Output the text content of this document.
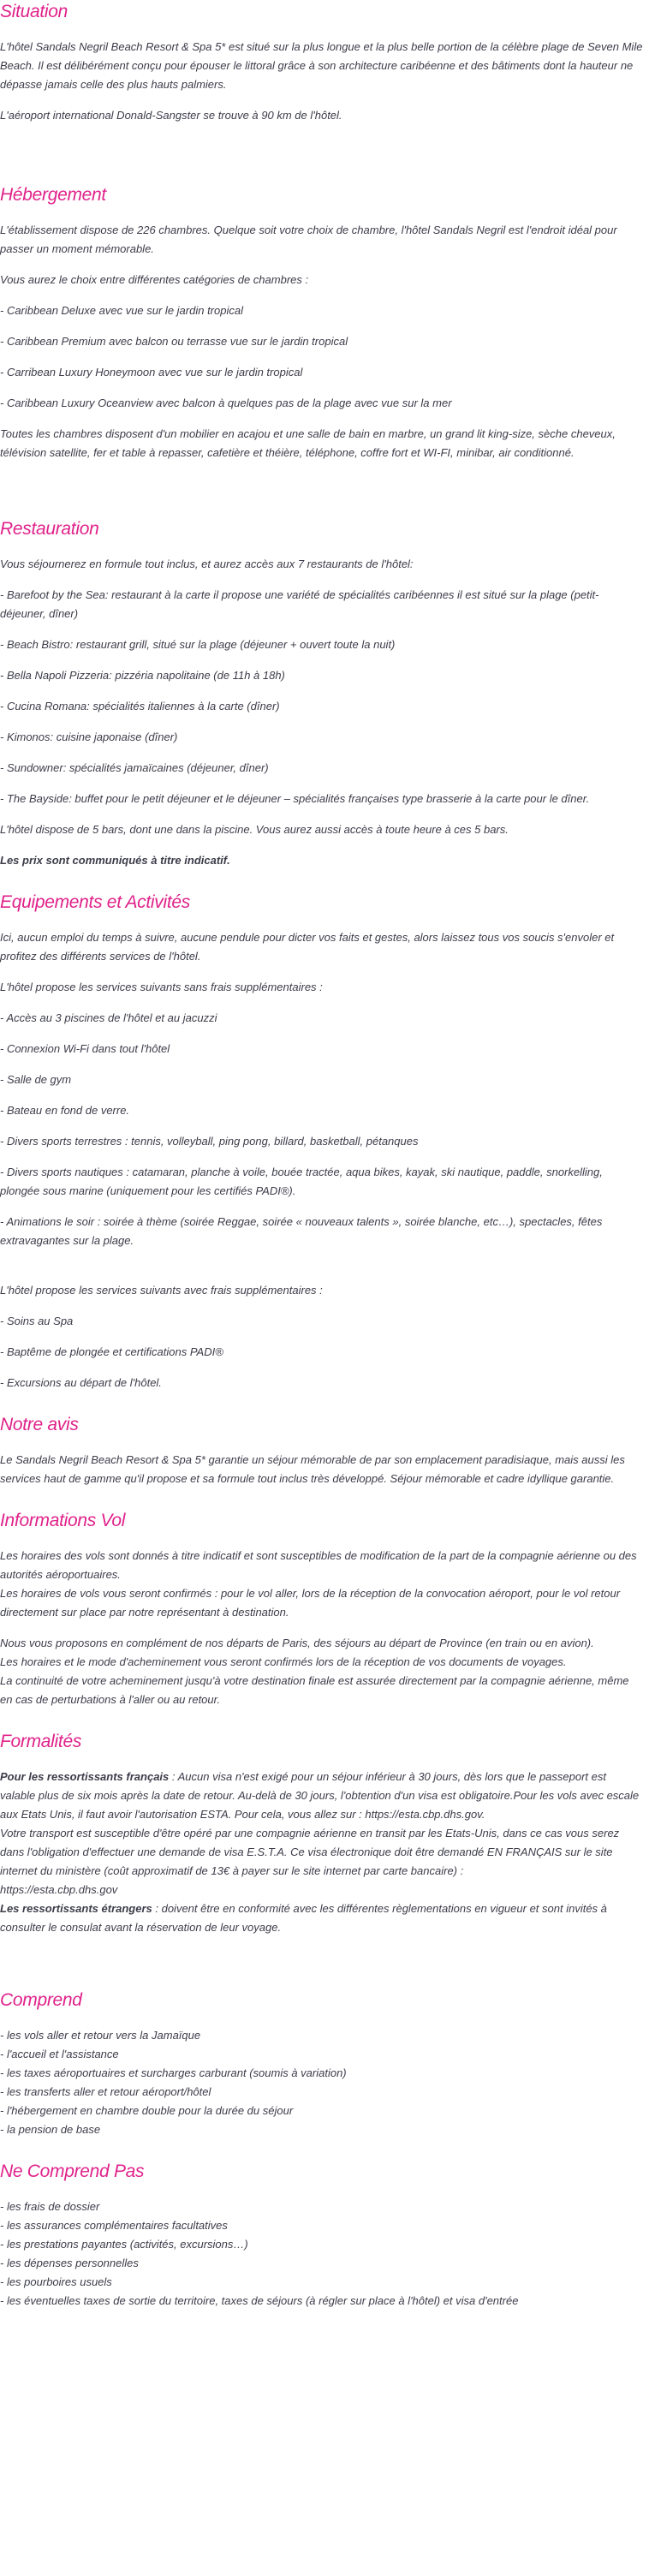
Situation

L'hôtel Sandals Negril Beach Resort & Spa 5* est situé sur la plus longue et la plus belle portion de la célèbre plage de Seven Mile Beach. Il est délibérément conçu pour épouser le littoral grâce à son architecture caribéenne et des bâtiments dont la hauteur ne dépasse jamais celle des plus hauts palmiers.

L'aéroport international Donald-Sangster se trouve à 90 km de l'hôtel.

Hébergement

L'établissement dispose de 226 chambres. Quelque soit votre choix de chambre, l'hôtel Sandals Negril est l'endroit idéal pour passer un moment mémorable.

Vous aurez le choix entre différentes catégories de chambres :

- Caribbean Deluxe avec vue sur le jardin tropical

- Caribbean Premium avec balcon ou terrasse vue sur le jardin tropical

- Carribean Luxury Honeymoon avec vue sur le jardin tropical

- Caribbean Luxury Oceanview avec balcon à quelques pas de la plage avec vue sur la mer

Toutes les chambres disposent d'un mobilier en acajou et une salle de bain en marbre, un grand lit king-size, sèche cheveux, télévision satellite, fer et table à repasser, cafetière et théière, téléphone, coffre fort et WI-FI, minibar, air conditionné.

Restauration

Vous séjournerez en formule tout inclus, et aurez accès aux 7 restaurants de l'hôtel:

- Barefoot by the Sea: restaurant à la carte il propose une variété de spécialités caribéennes il est situé sur la plage (petit-déjeuner, dîner)

- Beach Bistro: restaurant grill, situé sur la plage (déjeuner + ouvert toute la nuit)

- Bella Napoli Pizzeria: pizzéria napolitaine (de 11h à 18h)

- Cucina Romana: spécialités italiennes à la carte (dîner)

- Kimonos: cuisine japonaise (dîner)

- Sundowner: spécialités jamaïcaines (déjeuner, dîner)

- The Bayside: buffet pour le petit déjeuner et le déjeuner – spécialités françaises type brasserie à la carte pour le dîner.

L'hôtel dispose de 5 bars, dont une dans la piscine. Vous aurez aussi accès à toute heure à ces 5 bars.

Les prix sont communiqués à titre indicatif.

Equipements et Activités

Ici, aucun emploi du temps à suivre, aucune pendule pour dicter vos faits et gestes, alors laissez tous vos soucis s'envoler et profitez des différents services de l'hôtel.

L'hôtel propose les services suivants sans frais supplémentaires :

- Accès au 3 piscines de l'hôtel et au jacuzzi

- Connexion Wi-Fi dans tout l'hôtel

- Salle de gym

- Bateau en fond de verre.

- Divers sports terrestres : tennis, volleyball, ping pong, billard, basketball, pétanques

- Divers sports nautiques : catamaran, planche à voile, bouée tractée, aqua bikes, kayak, ski nautique, paddle, snorkelling, plongée sous marine (uniquement pour les certifiés PADI®).

- Animations le soir : soirée à thème (soirée Reggae, soirée « nouveaux talents », soirée blanche, etc…), spectacles, fêtes extravagantes sur la plage.

L'hôtel propose les services suivants avec frais supplémentaires :

- Soins au Spa

- Baptême de plongée et certifications PADI®

- Excursions au départ de l'hôtel.

Notre avis

Le Sandals Negril Beach Resort & Spa 5* garantie un séjour mémorable de par son emplacement paradisiaque, mais aussi les services haut de gamme qu'il propose et sa formule tout inclus très développé. Séjour mémorable et cadre idyllique garantie.

Informations Vol

Les horaires des vols sont donnés à titre indicatif et sont susceptibles de modification de la part de la compagnie aérienne ou des autorités aéroportuaires.

Les horaires de vols vous seront confirmés : pour le vol aller, lors de la réception de la convocation aéroport, pour le vol retour directement sur place par notre représentant à destination.

Nous vous proposons en complément de nos départs de Paris, des séjours au départ de Province (en train ou en avion).

Les horaires et le mode d'acheminement vous seront confirmés lors de la réception de vos documents de voyages.

La continuité de votre acheminement jusqu'à votre destination finale est assurée directement par la compagnie aérienne, même en cas de perturbations à l'aller ou au retour.

Formalités

Pour les ressortissants français : Aucun visa n'est exigé pour un séjour inférieur à 30 jours, dès lors que le passeport est valable plus de six mois après la date de retour. Au-delà de 30 jours, l'obtention d'un visa est obligatoire.Pour les vols avec escale aux Etats Unis, il faut avoir l'autorisation ESTA. Pour cela, vous allez sur : https://esta.cbp.dhs.gov.

Votre transport est susceptible d'être opéré par une compagnie aérienne en transit par les Etats-Unis, dans ce cas vous serez dans l'obligation d'effectuer une demande de visa E.S.T.A. Ce visa électronique doit être demandé EN FRANÇAIS sur le site internet du ministère (coût approximatif de 13€ à payer sur le site internet par carte bancaire) :

https://esta.cbp.dhs.gov

Les ressortissants étrangers : doivent être en conformité avec les différentes règlementations en vigueur et sont invités à consulter le consulat avant la réservation de leur voyage.

Comprend
- les vols aller et retour vers la Jamaïque
- l'accueil et l'assistance
- les taxes aéroportuaires et surcharges carburant (soumis à variation)
- les transferts aller et retour aéroport/hôtel
- l'hébergement en chambre double pour la durée du séjour
- la pension de base
Ne Comprend Pas
- les frais de dossier
- les assurances complémentaires facultatives
- les prestations payantes (activités, excursions…)
- les dépenses personnelles
- les pourboires usuels
- les éventuelles taxes de sortie du territoire, taxes de séjours (à régler sur place à l'hôtel) et visa d'entrée
